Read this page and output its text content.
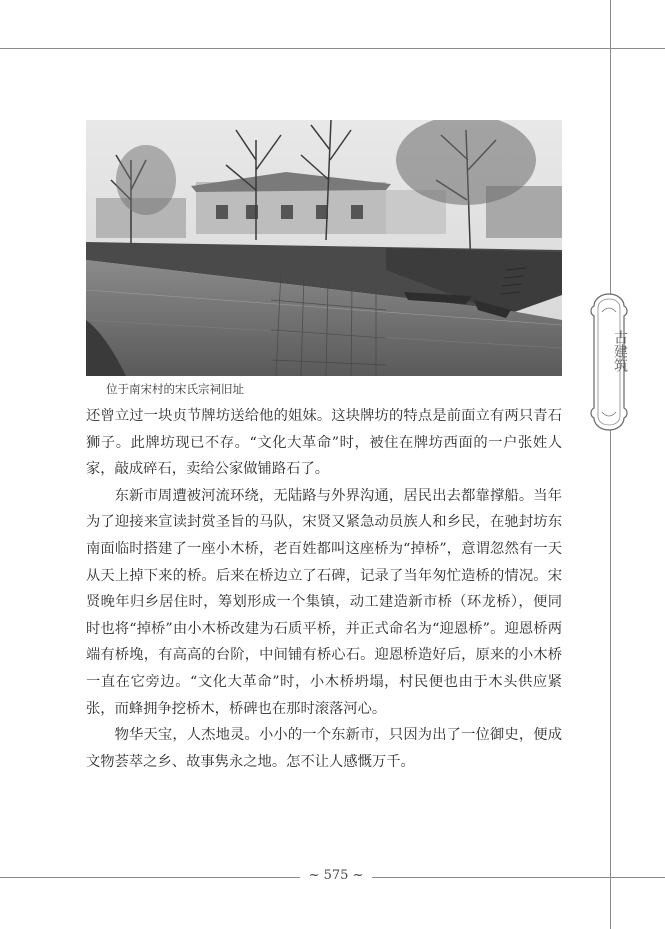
古建筑
位于南宋村的宋氏宗祠旧址

还曾立过一块贞节牌坊送给他的姐妹。这块牌坊的特点是前面立有两只青石狮子。此牌坊现已不存。“文化大革命”时，被住在牌坊西面的一户张姓人家，敲成碎石，卖给公家做铺路石了。

东新市周遭被河流环绕，无陆路与外界沟通，居民出去都靠撑船。当年为了迎接来宣读封赏圣旨的马队，宋贤又紧急动员族人和乡民，在驰封坊东南面临时搭建了一座小木桥，老百姓都叫这座桥为“掉桥”，意谓忽然有一天从天上掉下来的桥。后来在桥边立了石碑，记录了当年匆忙造桥的情况。宋贤晚年归乡居住时，筹划形成一个集镇，动工建造新市桥（环龙桥），便同时也将“掉桥”由小木桥改建为石质平桥，并正式命名为“迎恩桥”。迎恩桥两端有桥堍，有高高的台阶，中间铺有桥心石。迎恩桥造好后，原来的小木桥一直在它旁边。“文化大革命”时，小木桥坍塌，村民便也由于木头供应紧张，而蜂拥争挖桥木，桥碑也在那时滚落河心。

物华天宝，人杰地灵。小小的一个东新市，只因为出了一位御史，便成文物荟萃之乡、故事隽永之地。怎不让人感慨万千。

~ 575 ~
